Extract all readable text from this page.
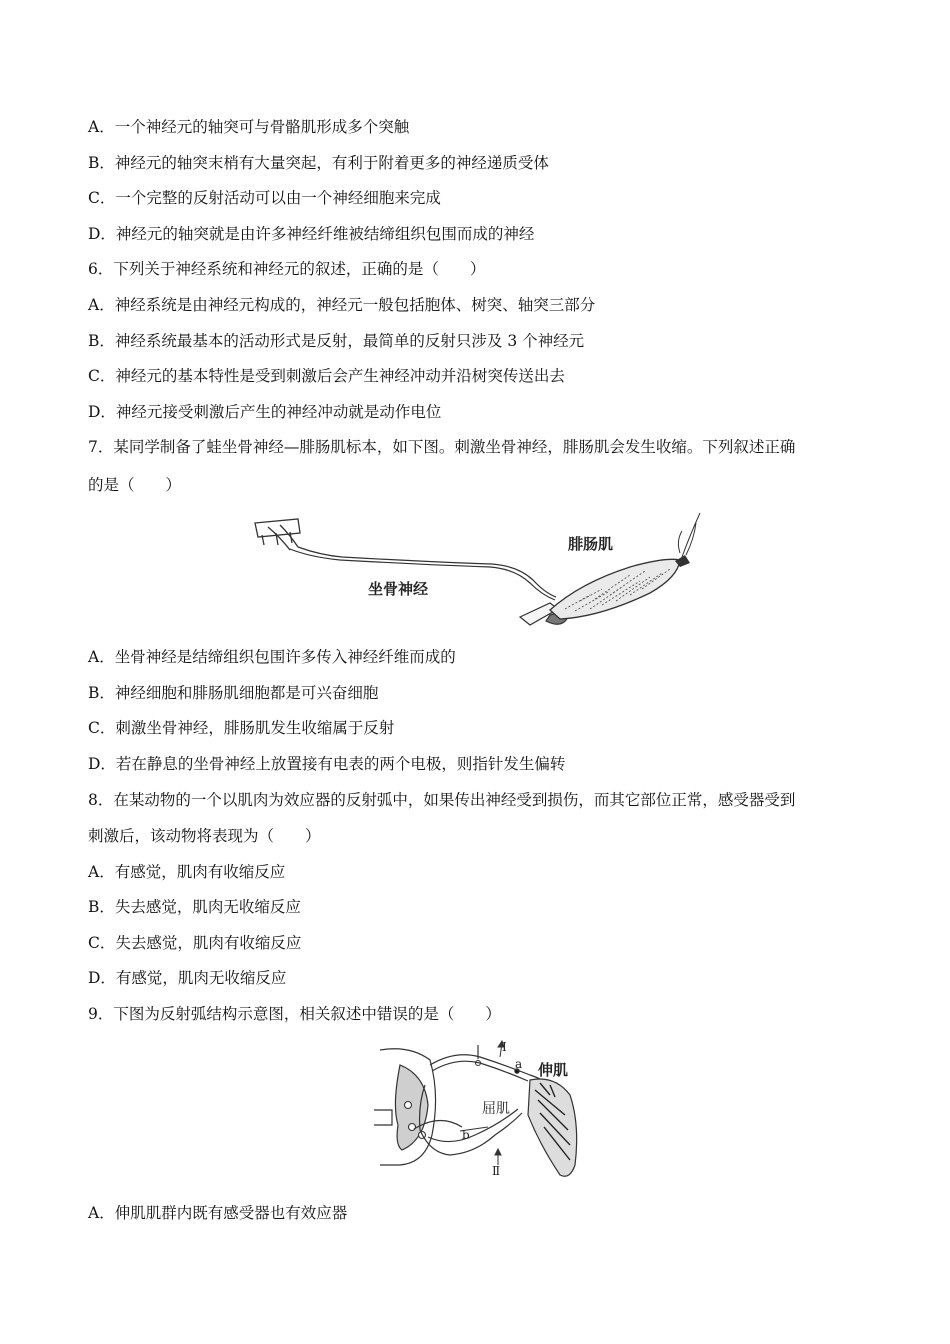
A．一个神经元的轴突可与骨骼肌形成多个突触
B．神经元的轴突末梢有大量突起，有利于附着更多的神经递质受体
C．一个完整的反射活动可以由一个神经细胞来完成
D．神经元的轴突就是由许多神经纤维被结缔组织包围而成的神经
6．下列关于神经系统和神经元的叙述，正确的是（　　）
A．神经系统是由神经元构成的，神经元一般包括胞体、树突、轴突三部分
B．神经系统最基本的活动形式是反射，最简单的反射只涉及 3 个神经元
C．神经元的基本特性是受到刺激后会产生神经冲动并沿树突传送出去
D．神经元接受刺激后产生的神经冲动就是动作电位
7．某同学制备了蛙坐骨神经—腓肠肌标本，如下图。刺激坐骨神经，腓肠肌会发生收缩。下列叙述正确
的是（　　）
腓肠肌
坐骨神经
A．坐骨神经是结缔组织包围许多传入神经纤维而成的
B．神经细胞和腓肠肌细胞都是可兴奋细胞
C．刺激坐骨神经，腓肠肌发生收缩属于反射
D．若在静息的坐骨神经上放置接有电表的两个电极，则指针发生偏转
8．在某动物的一个以肌肉为效应器的反射弧中，如果传出神经受到损伤，而其它部位正常，感受器受到
刺激后，该动物将表现为（　　）
A．有感觉，肌肉有收缩反应
B．失去感觉，肌肉无收缩反应
C．失去感觉，肌肉有收缩反应
D．有感觉，肌肉无收缩反应
9．下图为反射弧结构示意图，相关叙述中错误的是（　　）
Ⅰ
a
b
Ⅱ
伸肌
屈肌
A．伸肌肌群内既有感受器也有效应器
